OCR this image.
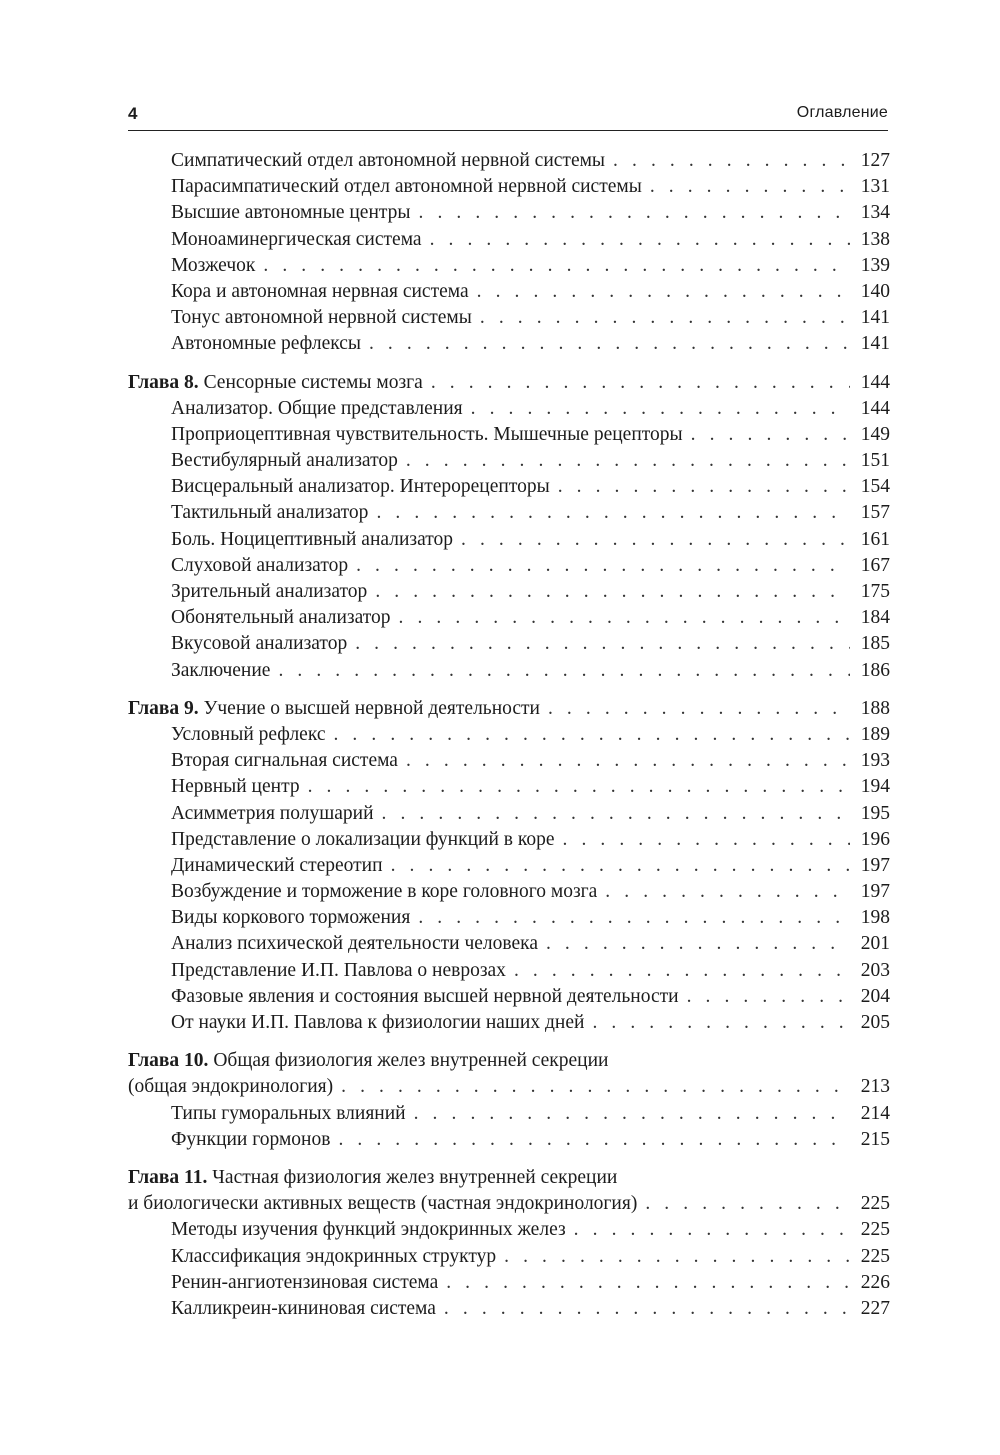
4	Оглавление
Симпатический отдел автономной нервной системы . . .	127
Парасимпатический отдел автономной нервной системы . . .	131
Высшие автономные центры . . .	134
Моноаминергическая система . . .	138
Мозжечок . . .	139
Кора и автономная нервная система . . .	140
Тонус автономной нервной системы . . .	141
Автономные рефлексы . . .	141
Глава 8. Сенсорные системы мозга . . .	144
Анализатор. Общие представления . . .	144
Проприоцептивная чувствительность. Мышечные рецепторы . . .	149
Вестибулярный анализатор . . .	151
Висцеральный анализатор. Интерорецепторы . . .	154
Тактильный анализатор . . .	157
Боль. Ноцицептивный анализатор . . .	161
Слуховой анализатор . . .	167
Зрительный анализатор . . .	175
Обонятельный анализатор . . .	184
Вкусовой анализатор . . .	185
Заключение . . .	186
Глава 9. Учение о высшей нервной деятельности . . .	188
Условный рефлекс . . .	189
Вторая сигнальная система . . .	193
Нервный центр . . .	194
Асимметрия полушарий . . .	195
Представление о локализации функций в коре . . .	196
Динамический стереотип . . .	197
Возбуждение и торможение в коре головного мозга . . .	197
Виды коркового торможения . . .	198
Анализ психической деятельности человека . . .	201
Представление И.П. Павлова о неврозах . . .	203
Фазовые явления и состояния высшей нервной деятельности . . .	204
От науки И.П. Павлова к физиологии наших дней . . .	205
Глава 10. Общая физиология желез внутренней секреции
(общая эндокринология) . . .	213
Типы гуморальных влияний . . .	214
Функции гормонов . . .	215
Глава 11. Частная физиология желез внутренней секреции
и биологически активных веществ (частная эндокринология) . . .	225
Методы изучения функций эндокринных желез . . .	225
Классификация эндокринных структур . . .	225
Ренин-ангиотензиновая система . . .	226
Калликреин-кининовая система . . .	227
